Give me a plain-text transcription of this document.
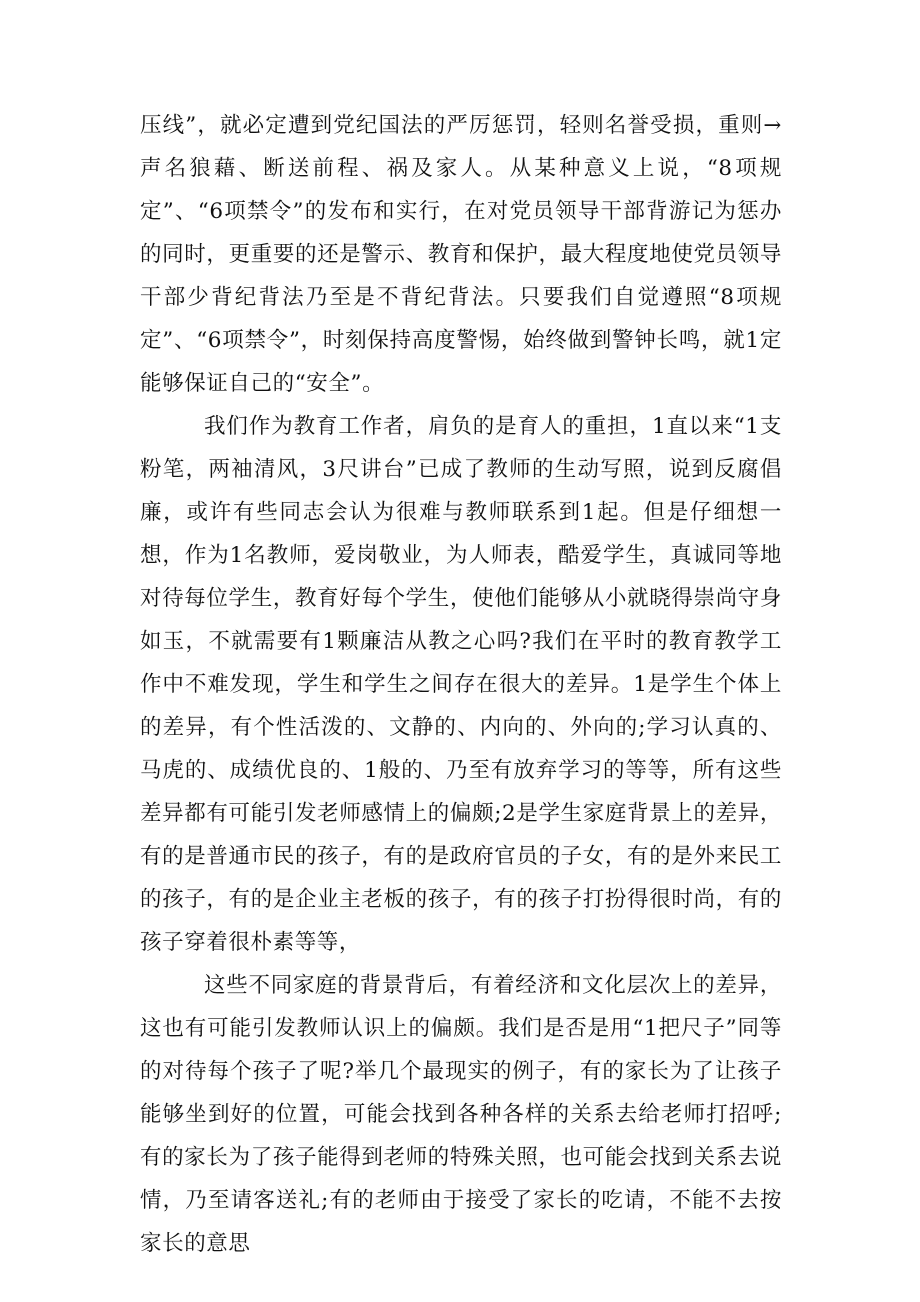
压线”，就必定遭到党纪国法的严厉惩罚，轻则名誉受损，重则→声名狼藉、断送前程、祸及家人。从某种意义上说，“8项规定”、“6项禁令”的发布和实行，在对党员领导干部背游记为惩办的同时，更重要的还是警示、教育和保护，最大程度地使党员领导干部少背纪背法乃至是不背纪背法。只要我们自觉遵照“8项规定”、“6项禁令”，时刻保持高度警惕，始终做到警钟长鸣，就1定能够保证自己的“安全”。

我们作为教育工作者，肩负的是育人的重担，1直以来“1支粉笔，两袖清风，3尺讲台”已成了教师的生动写照，说到反腐倡廉，或许有些同志会认为很难与教师联系到1起。但是仔细想一想，作为1名教师，爱岗敬业，为人师表，酷爱学生，真诚同等地对待每位学生，教育好每个学生，使他们能够从小就晓得崇尚守身如玉，不就需要有1颗廉洁从教之心吗?我们在平时的教育教学工作中不难发现，学生和学生之间存在很大的差异。1是学生个体上的差异，有个性活泼的、文静的、内向的、外向的;学习认真的、马虎的、成绩优良的、1般的、乃至有放弃学习的等等，所有这些差异都有可能引发老师感情上的偏颇;2是学生家庭背景上的差异，有的是普通市民的孩子，有的是政府官员的子女，有的是外来民工的孩子，有的是企业主老板的孩子，有的孩子打扮得很时尚，有的孩子穿着很朴素等等，

这些不同家庭的背景背后，有着经济和文化层次上的差异，这也有可能引发教师认识上的偏颇。我们是否是用“1把尺子”同等的对待每个孩子了呢?举几个最现实的例子，有的家长为了让孩子能够坐到好的位置，可能会找到各种各样的关系去给老师打招呼;有的家长为了孩子能得到老师的特殊关照，也可能会找到关系去说情，乃至请客送礼;有的老师由于接受了家长的吃请，不能不去按家长的意思
